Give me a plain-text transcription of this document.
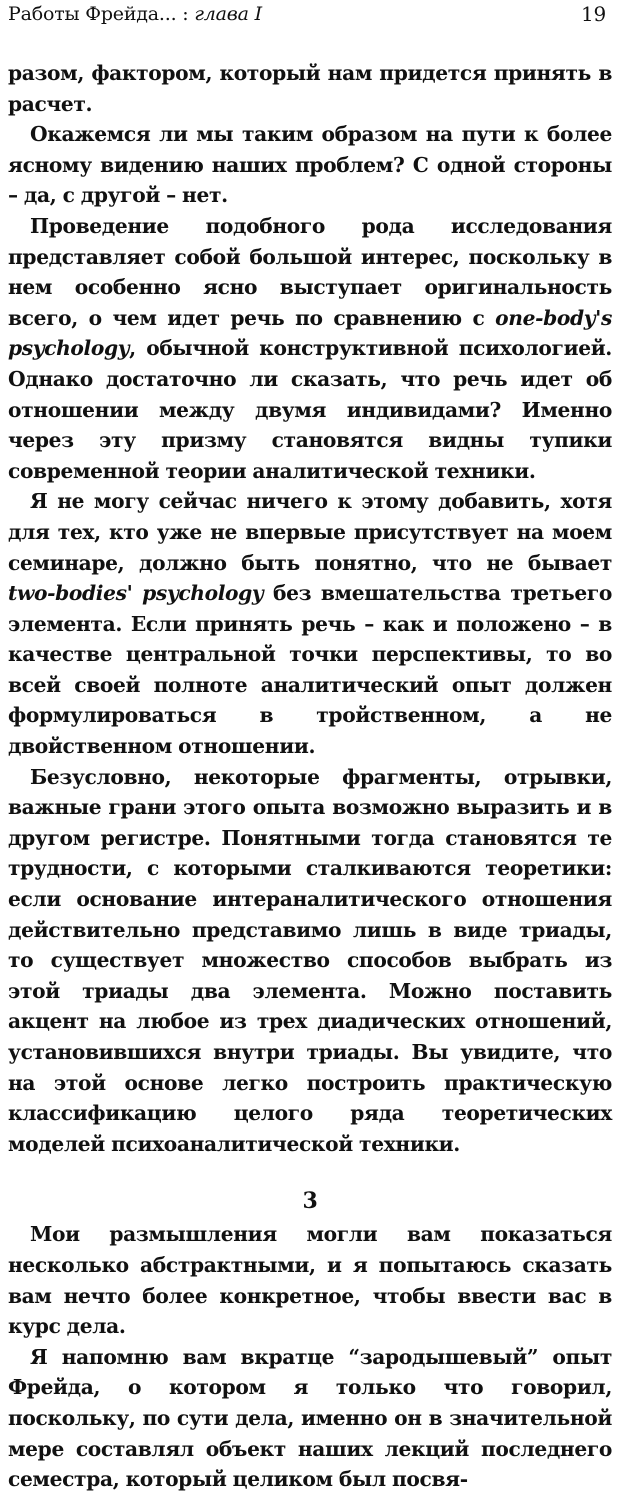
Работы Фрейда... : глава I	19

разом, фактором, который нам придется принять в расчет.

Окажемся ли мы таким образом на пути к более ясному видению наших проблем? С одной стороны – да, с другой – нет.

Проведение подобного рода исследования представляет собой большой интерес, поскольку в нем особенно ясно выступает оригинальность всего, о чем идет речь по сравнению с one-body's psychology, обычной конструктивной психологией. Однако достаточно ли сказать, что речь идет об отношении между двумя индивидами? Именно через эту призму становятся видны тупики современной теории аналитической техники.

Я не могу сейчас ничего к этому добавить, хотя для тех, кто уже не впервые присутствует на моем семинаре, должно быть понятно, что не бывает two-bodies' psychology без вмешательства третьего элемента. Если принять речь – как и положено – в качестве центральной точки перспективы, то во всей своей полноте аналитический опыт должен формулироваться в тройственном, а не двойственном отношении.

Безусловно, некоторые фрагменты, отрывки, важные грани этого опыта возможно выразить и в другом регистре. Понятными тогда становятся те трудности, с которыми сталкиваются теоретики: если основание интераналитического отношения действительно представимо лишь в виде триады, то существует множество способов выбрать из этой триады два элемента. Можно поставить акцент на любое из трех диадических отношений, установившихся внутри триады. Вы увидите, что на этой основе легко построить практическую классификацию целого ряда теоретических моделей психоаналитической техники.

3

Мои размышления могли вам показаться несколько абстрактными, и я попытаюсь сказать вам нечто более конкретное, чтобы ввести вас в курс дела.

Я напомню вам вкратце “зародышевый” опыт Фрейда, о котором я только что говорил, поскольку, по сути дела, именно он в значительной мере составлял объект наших лекций последнего семестра, который целиком был посвя-
